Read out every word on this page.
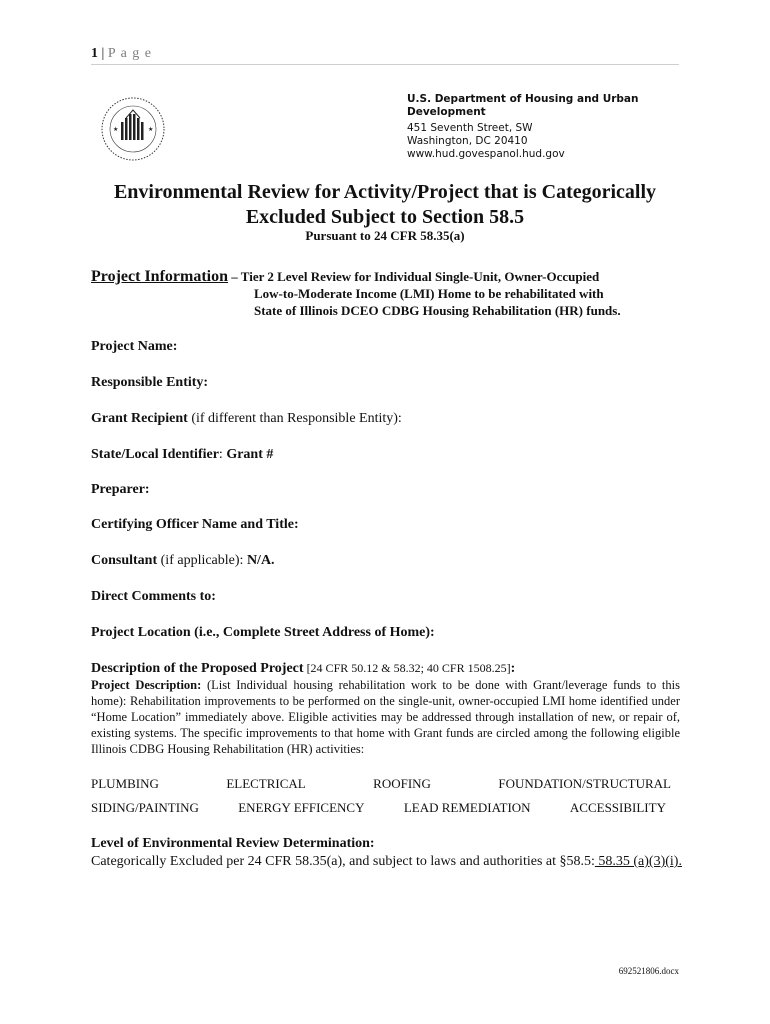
1 | P a g e
★	★
U.S. Department of Housing and Urban Development
451 Seventh Street, SW
Washington, DC 20410
www.hud.govespanol.hud.gov
Environmental Review for Activity/Project that is Categorically
Excluded Subject to Section 58.5
Pursuant to 24 CFR 58.35(a)
Project Information – Tier 2 Level Review for Individual Single-Unit, Owner-Occupied
Low-to-Moderate Income (LMI) Home to be rehabilitated with
State of Illinois DCEO CDBG Housing Rehabilitation (HR) funds.
Project Name:
Responsible Entity:
Grant Recipient (if different than Responsible Entity):
State/Local Identifier: Grant #
Preparer:
Certifying Officer Name and Title:
Consultant (if applicable): N/A.
Direct Comments to:
Project Location (i.e., Complete Street Address of Home):
Description of the Proposed Project [24 CFR 50.12 & 58.32; 40 CFR 1508.25]:
Project Description: (List Individual housing rehabilitation work to be done with Grant/leverage funds to this home): Rehabilitation improvements to be performed on the single-unit, owner-occupied LMI home identified under “Home Location” immediately above. Eligible activities may be addressed through installation of new, or repair of, existing systems. The specific improvements to that home with Grant funds are circled among the following eligible Illinois CDBG Housing Rehabilitation (HR) activities:
PLUMBING	ELECTRICAL	ROOFING	FOUNDATION/STRUCTURAL
SIDING/PAINTING	ENERGY EFFICENCY	LEAD REMEDIATION	ACCESSIBILITY
Level of Environmental Review Determination:
Categorically Excluded per 24 CFR 58.35(a), and subject to laws and authorities at §58.5: 58.35 (a)(3)(i).
692521806.docx
